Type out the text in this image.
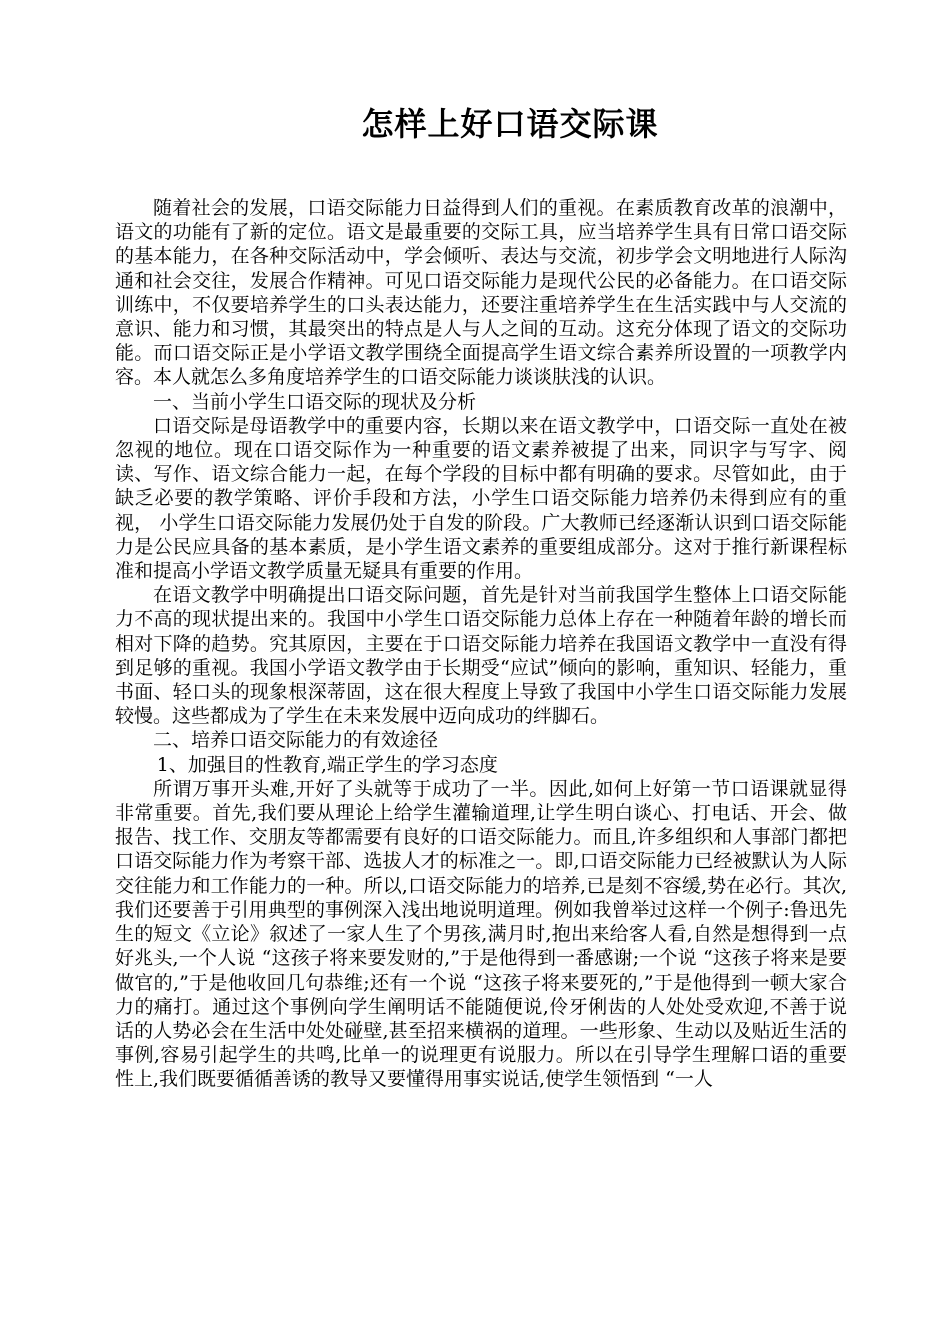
怎样上好口语交际课

随着社会的发展，口语交际能力日益得到人们的重视。在素质教育改革的浪潮中，语文的功能有了新的定位。语文是最重要的交际工具，应当培养学生具有日常口语交际的基本能力，在各种交际活动中，学会倾听、表达与交流，初步学会文明地进行人际沟通和社会交往，发展合作精神。可见口语交际能力是现代公民的必备能力。在口语交际训练中，不仅要培养学生的口头表达能力，还要注重培养学生在生活实践中与人交流的意识、能力和习惯，其最突出的特点是人与人之间的互动。这充分体现了语文的交际功能。而口语交际正是小学语文教学围绕全面提高学生语文综合素养所设置的一项教学内容。本人就怎么多角度培养学生的口语交际能力谈谈肤浅的认识。

一、当前小学生口语交际的现状及分析

口语交际是母语教学中的重要内容，长期以来在语文教学中，口语交际一直处在被忽视的地位。现在口语交际作为一种重要的语文素养被提了出来，同识字与写字、阅读、写作、语文综合能力一起，在每个学段的目标中都有明确的要求。尽管如此，由于缺乏必要的教学策略、评价手段和方法，小学生口语交际能力培养仍未得到应有的重视， 小学生口语交际能力发展仍处于自发的阶段。广大教师已经逐渐认识到口语交际能力是公民应具备的基本素质，是小学生语文素养的重要组成部分。这对于推行新课程标准和提高小学语文教学质量无疑具有重要的作用。

在语文教学中明确提出口语交际问题，首先是针对当前我国学生整体上口语交际能力不高的现状提出来的。我国中小学生口语交际能力总体上存在一种随着年龄的增长而相对下降的趋势。究其原因，主要在于口语交际能力培养在我国语文教学中一直没有得到足够的重视。我国小学语文教学由于长期受“应试”倾向的影响，重知识、轻能力，重书面、轻口头的现象根深蒂固，这在很大程度上导致了我国中小学生口语交际能力发展较慢。这些都成为了学生在未来发展中迈向成功的绊脚石。

二、培养口语交际能力的有效途径

1、加强目的性教育,端正学生的学习态度

所谓万事开头难,开好了头就等于成功了一半。因此,如何上好第一节口语课就显得非常重要。首先,我们要从理论上给学生灌输道理,让学生明白谈心、打电话、开会、做报告、找工作、交朋友等都需要有良好的口语交际能力。而且,许多组织和人事部门都把口语交际能力作为考察干部、选拔人才的标准之一。即,口语交际能力已经被默认为人际交往能力和工作能力的一种。所以,口语交际能力的培养,已是刻不容缓,势在必行。其次,我们还要善于引用典型的事例深入浅出地说明道理。例如我曾举过这样一个例子:鲁迅先生的短文《立论》叙述了一家人生了个男孩,满月时,抱出来给客人看,自然是想得到一点好兆头,一个人说 “这孩子将来要发财的,”于是他得到一番感谢;一个说 “这孩子将来是要做官的,”于是他收回几句恭维;还有一个说 “这孩子将来要死的,”于是他得到一顿大家合力的痛打。通过这个事例向学生阐明话不能随便说,伶牙俐齿的人处处受欢迎,不善于说话的人势必会在生活中处处碰壁,甚至招来横祸的道理。一些形象、生动以及贴近生活的事例,容易引起学生的共鸣,比单一的说理更有说服力。所以在引导学生理解口语的重要性上,我们既要循循善诱的教导又要懂得用事实说话,使学生领悟到 “一人
